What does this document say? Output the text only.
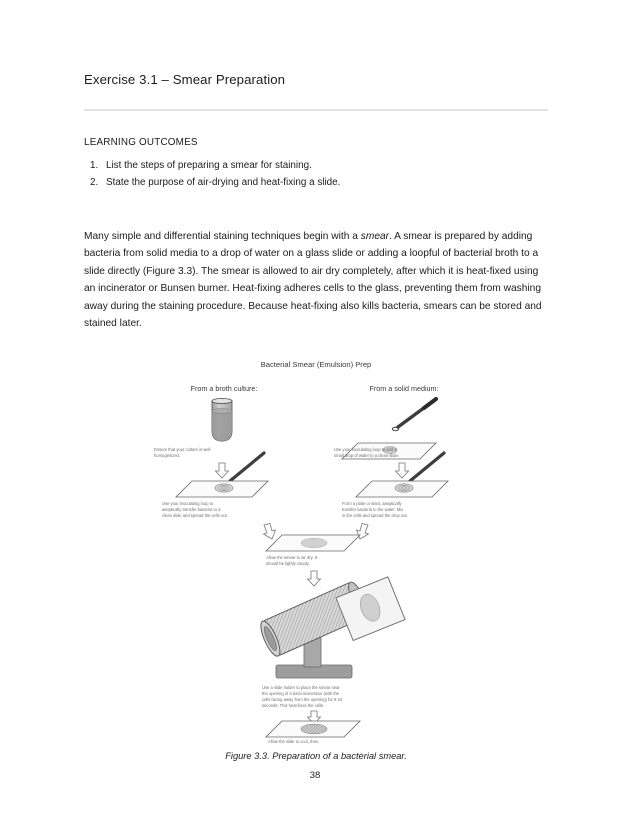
Exercise 3.1 – Smear Preparation
LEARNING OUTCOMES
1. List the steps of preparing a smear for staining.
2. State the purpose of air-drying and heat-fixing a slide.

Many simple and differential staining techniques begin with a smear. A smear is prepared by adding bacteria from solid media to a drop of water on a glass slide or adding a loopful of bacterial broth to a slide directly (Figure 3.3). The smear is allowed to air dry completely, after which it is heat-fixed using an incinerator or Bunsen burner. Heat-fixing adheres cells to the glass, preventing them from washing away during the staining procedure. Because heat-fixing also kills bacteria, smears can be stored and stained later.

Bacterial Smear (Emulsion) Prep
From a broth culture:	From a solid medium:
Ensure that your culture is well
homogenized.
Use your inoculating loop to add a
small drop of water to a clean slide.
Use your inoculating loop to
aseptically transfer bacteria to a
clean slide and spread the cells out.
From a plate or slant, aseptically
transfer bacteria to the water. Mix
in the cells and spread the drop out.
Allow the smear to air dry. It
should be lightly cloudy.
Use a slide holder to place the smear near
the opening of a bacti-incinerator (with the
cells facing away from the opening) for 5-10
seconds. This heat-fixes the cells.
Allow the slide to cool, then
Figure 3.3. Preparation of a bacterial smear.
38
